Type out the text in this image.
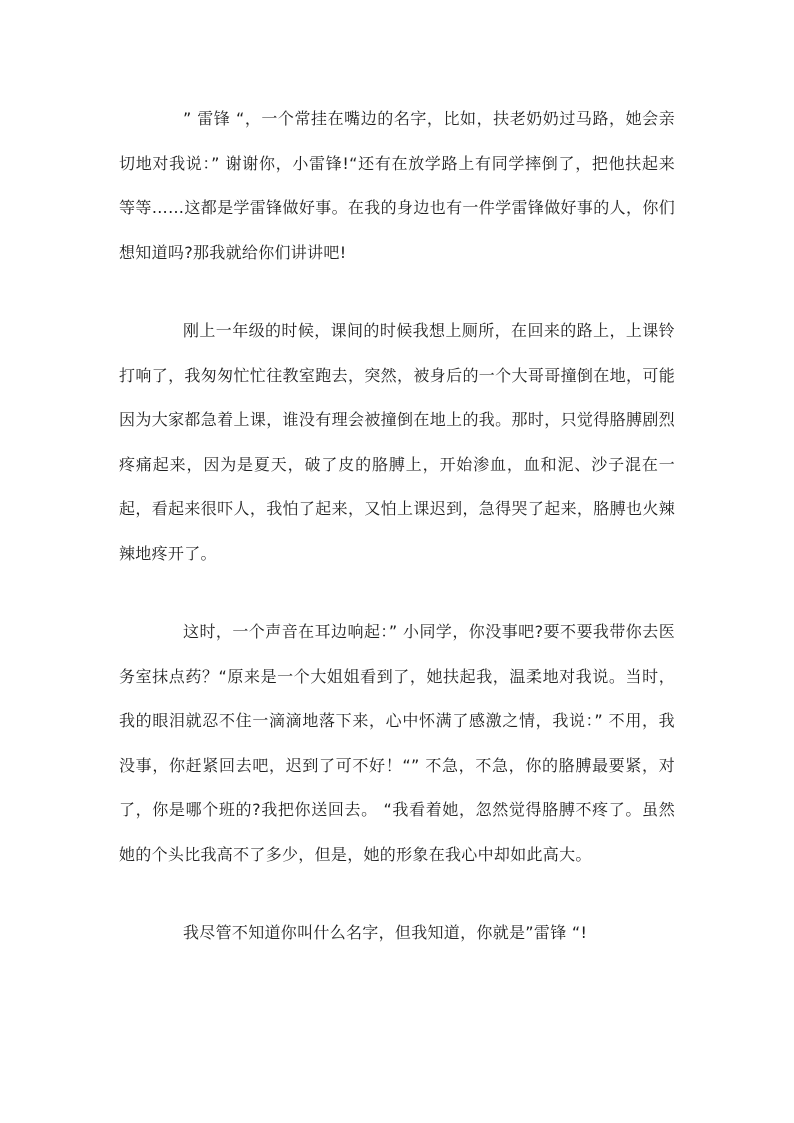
” 雷锋 “，一个常挂在嘴边的名字，比如，扶老奶奶过马路，她会亲切地对我说：” 谢谢你，小雷锋!“还有在放学路上有同学摔倒了，把他扶起来等等……这都是学雷锋做好事。在我的身边也有一件学雷锋做好事的人，你们想知道吗?那我就给你们讲讲吧!

刚上一年级的时候，课间的时候我想上厕所，在回来的路上，上课铃打响了，我匆匆忙忙往教室跑去，突然，被身后的一个大哥哥撞倒在地，可能因为大家都急着上课，谁没有理会被撞倒在地上的我。那时，只觉得胳膊剧烈疼痛起来，因为是夏天，破了皮的胳膊上，开始渗血，血和泥、沙子混在一起，看起来很吓人，我怕了起来，又怕上课迟到，急得哭了起来，胳膊也火辣辣地疼开了。

这时，一个声音在耳边响起：” 小同学，你没事吧?要不要我带你去医务室抹点药？“原来是一个大姐姐看到了，她扶起我，温柔地对我说。当时，我的眼泪就忍不住一滴滴地落下来，心中怀满了感激之情，我说：” 不用，我没事，你赶紧回去吧，迟到了可不好！“” 不急，不急，你的胳膊最要紧，对了，你是哪个班的?我把你送回去。 “我看着她，忽然觉得胳膊不疼了。虽然她的个头比我高不了多少，但是，她的形象在我心中却如此高大。

我尽管不知道你叫什么名字，但我知道，你就是”雷锋 “!
